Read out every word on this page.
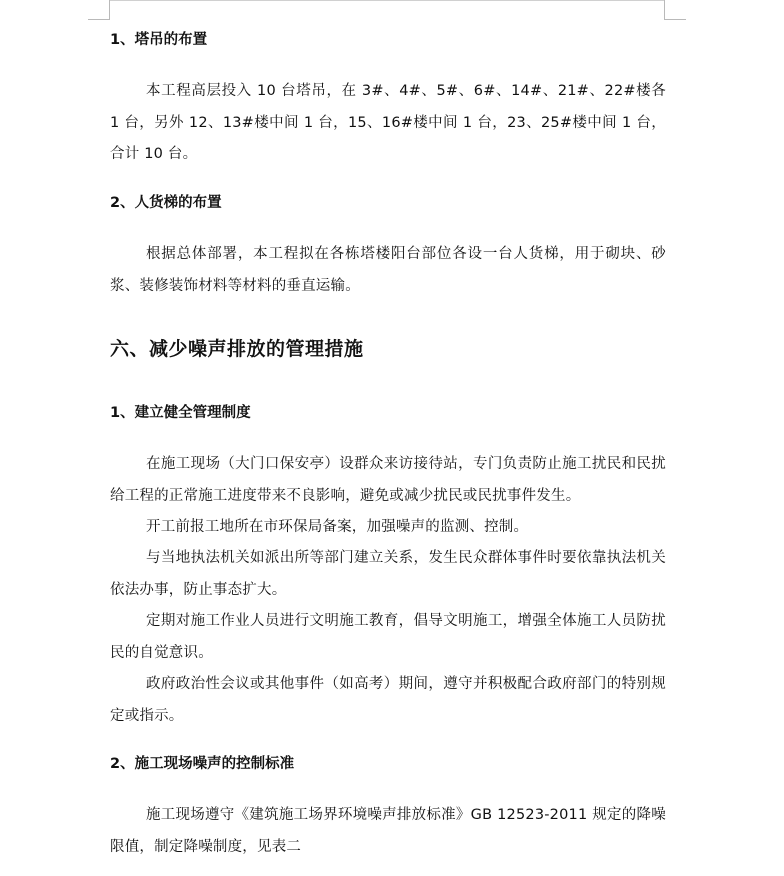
1、塔吊的布置
本工程高层投入 10 台塔吊，在 3#、4#、5#、6#、14#、21#、22#楼各 1 台，另外 12、13#楼中间 1 台，15、16#楼中间 1 台，23、25#楼中间 1 台，合计 10 台。
2、人货梯的布置
根据总体部署，本工程拟在各栋塔楼阳台部位各设一台人货梯，用于砌块、砂浆、装修装饰材料等材料的垂直运输。
六、减少噪声排放的管理措施
1、建立健全管理制度
在施工现场（大门口保安亭）设群众来访接待站，专门负责防止施工扰民和民扰给工程的正常施工进度带来不良影响，避免或减少扰民或民扰事件发生。
开工前报工地所在市环保局备案，加强噪声的监测、控制。
与当地执法机关如派出所等部门建立关系，发生民众群体事件时要依靠执法机关依法办事，防止事态扩大。
定期对施工作业人员进行文明施工教育，倡导文明施工，增强全体施工人员防扰民的自觉意识。
政府政治性会议或其他事件（如高考）期间，遵守并积极配合政府部门的特别规定或指示。
2、施工现场噪声的控制标准
施工现场遵守《建筑施工场界环境噪声排放标准》GB 12523-2011 规定的降噪限值，制定降噪制度，见表二
